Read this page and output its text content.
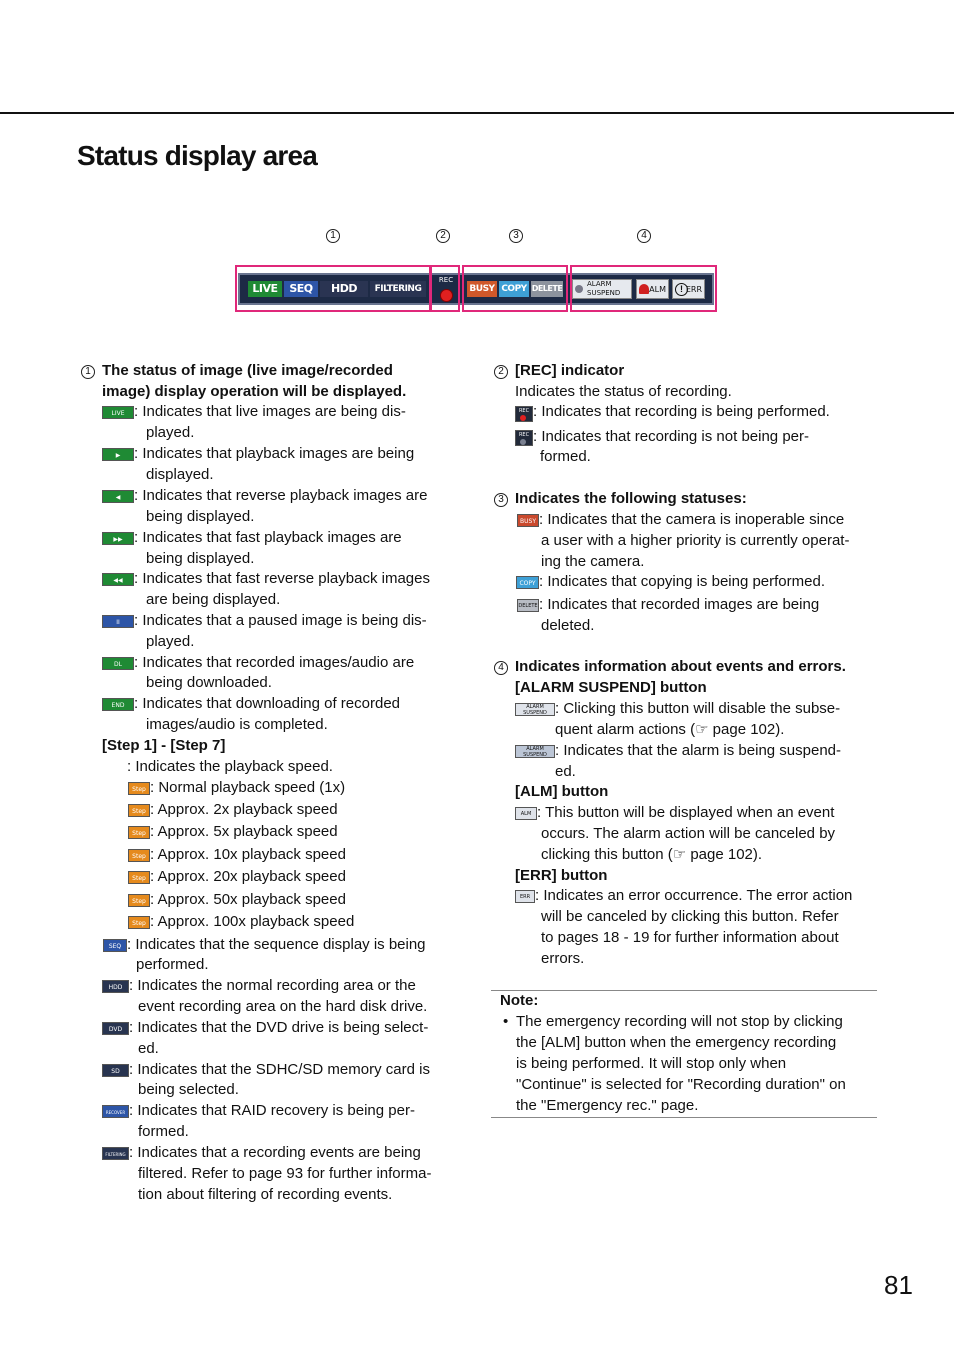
Status display area
1	2	3	4
LIVE	SEQ	HDD	FILTERING
REC
BUSY COPY DELETE	ALARM SUSPEND	ALM	ERR
!
1 The status of image (live image/recorded
image) display operation will be displayed.
LIVE : Indicates that live images are being dis-
played.
▶ : Indicates that playback images are being
displayed.
◀ : Indicates that reverse playback images are
being displayed.
▶▶ : Indicates that fast playback images are
being displayed.
◀◀ : Indicates that fast reverse playback images
are being displayed.
II : Indicates that a paused image is being dis-
played.
DL : Indicates that recorded images/audio are
being downloaded.
END : Indicates that downloading of recorded
images/audio is completed.
[Step 1] - [Step 7]
: Indicates the playback speed.
Step : Normal playback speed (1x)
Step : Approx. 2x playback speed
Step : Approx. 5x playback speed
Step : Approx. 10x playback speed
Step : Approx. 20x playback speed
Step : Approx. 50x playback speed
Step : Approx. 100x playback speed
SEQ : Indicates that the sequence display is being
performed.
HDD : Indicates the normal recording area or the
event recording area on the hard disk drive.
DVD : Indicates that the DVD drive is being select-
ed.
SD : Indicates that the SDHC/SD memory card is
being selected.
RECOVER : Indicates that RAID recovery is being per-
formed.
FILTERING : Indicates that a recording events are being
filtered. Refer to page 93 for further informa-
tion about filtering of recording events.
2 [REC] indicator
Indicates the status of recording.
REC : Indicates that recording is being performed.
REC : Indicates that recording is not being per-
formed.
3 Indicates the following statuses:
BUSY : Indicates that the camera is inoperable since
a user with a higher priority is currently operat-
ing the camera.
COPY : Indicates that copying is being performed.
DELETE : Indicates that recorded images are being
deleted.
4 Indicates information about events and errors.
[ALARM SUSPEND] button
ALARM SUSPEND : Clicking this button will disable the subse-
quent alarm actions (☞ page 102).
ALARM SUSPEND : Indicates that the alarm is being suspend-
ed.
[ALM] button
ALM : This button will be displayed when an event
occurs. The alarm action will be canceled by
clicking this button (☞ page 102).
[ERR] button
ERR : Indicates an error occurrence. The error action
will be canceled by clicking this button. Refer
to pages 18 - 19 for further information about
errors.
Note:
• The emergency recording will not stop by clicking
the [ALM] button when the emergency recording
is being performed. It will stop only when
"Continue" is selected for "Recording duration" on
the "Emergency rec." page.
81
